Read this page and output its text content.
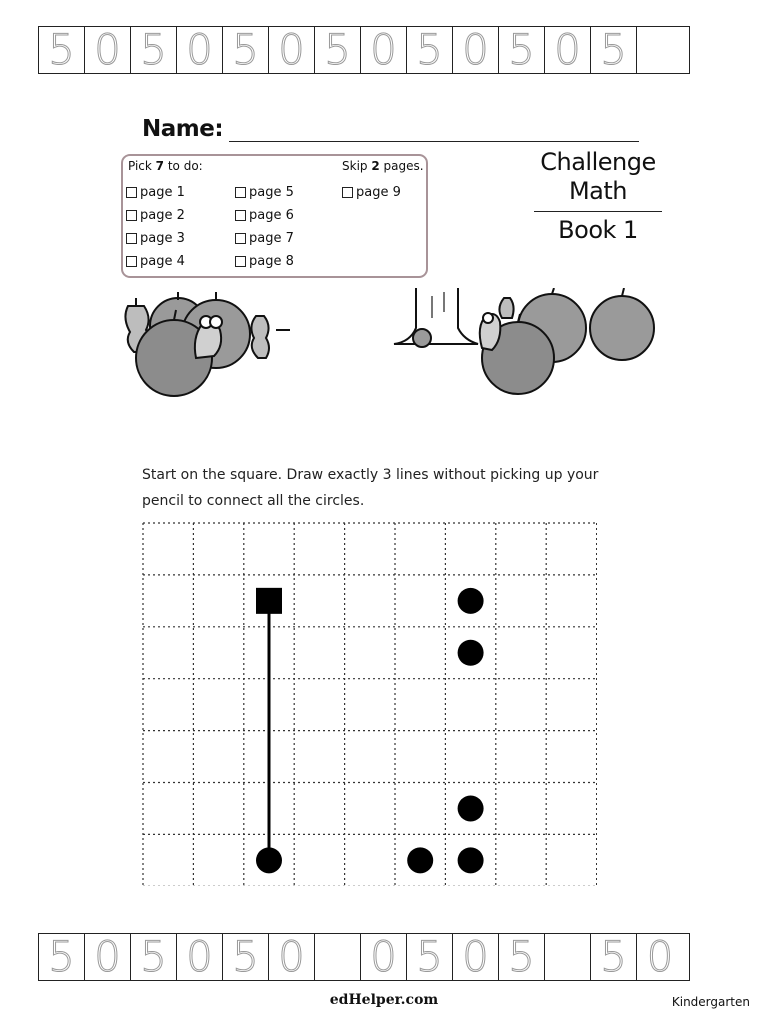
5 0 5 0 5 0 5 0 5 0 5 0 5
Name:
Pick 7 to do:	Skip 2 pages.
page 1
page 2
page 3
page 4
page 5
page 6
page 7
page 8
page 9
Challenge
Math
Book 1
Start on the square. Draw exactly 3 lines without picking up your pencil to connect all the circles.
5 0 5 0 5 0 0 5 0 5 5 0
edHelper.com	Kindergarten
